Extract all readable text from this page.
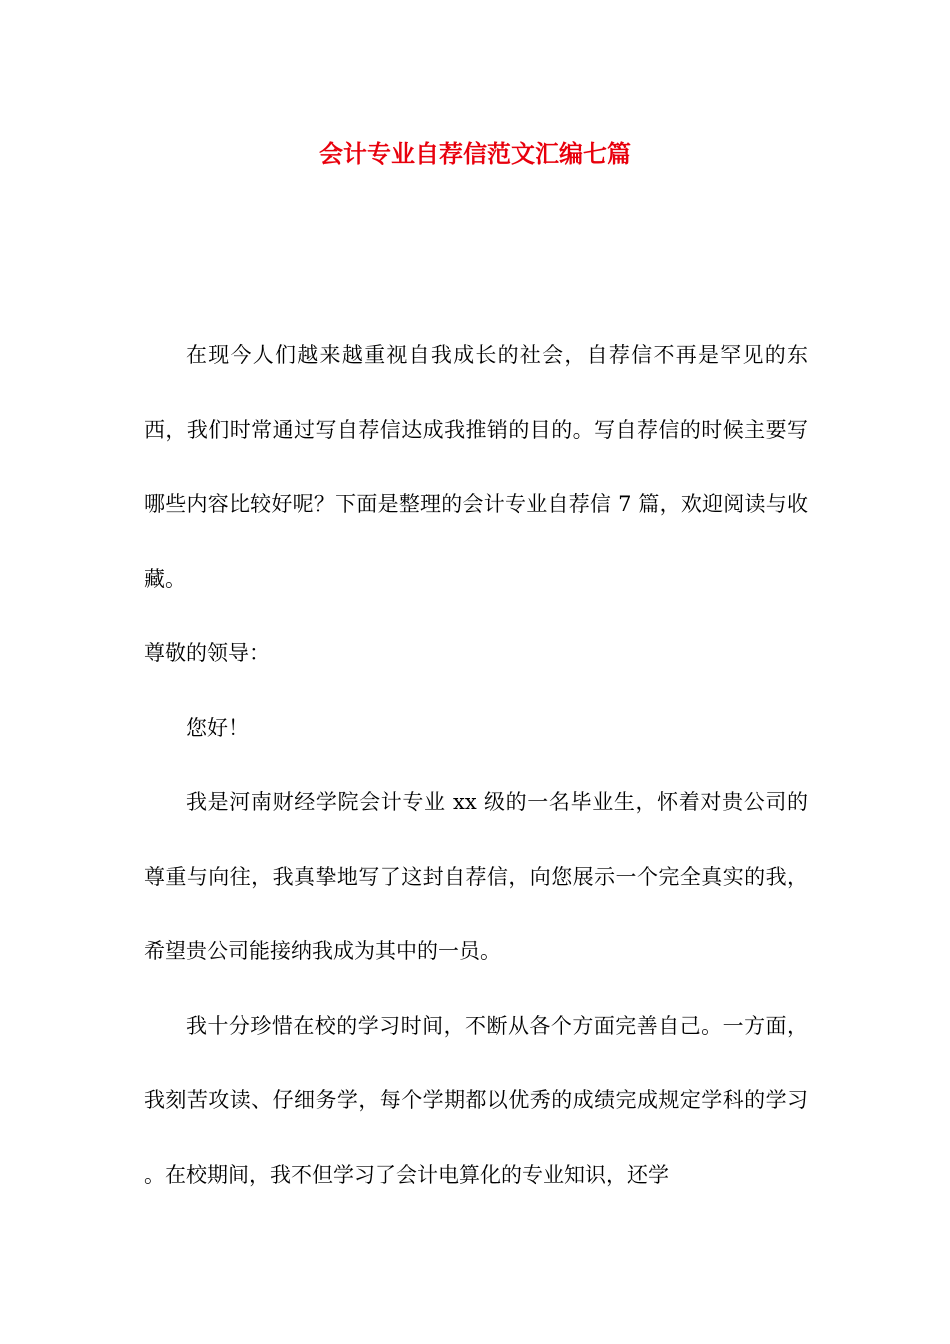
会计专业自荐信范文汇编七篇

在现今人们越来越重视自我成长的社会，自荐信不再是罕见的东西，我们时常通过写自荐信达成我推销的目的。写自荐信的时候主要写哪些内容比较好呢？下面是整理的会计专业自荐信 7 篇，欢迎阅读与收藏。

尊敬的领导：

您好！

我是河南财经学院会计专业 xx 级的一名毕业生，怀着对贵公司的尊重与向往，我真挚地写了这封自荐信，向您展示一个完全真实的我，希望贵公司能接纳我成为其中的一员。

我十分珍惜在校的学习时间，不断从各个方面完善自己。一方面，我刻苦攻读、仔细务学，每个学期都以优秀的成绩完成规定学科的学习 。在校期间，我不但学习了会计电算化的专业知识，还学
